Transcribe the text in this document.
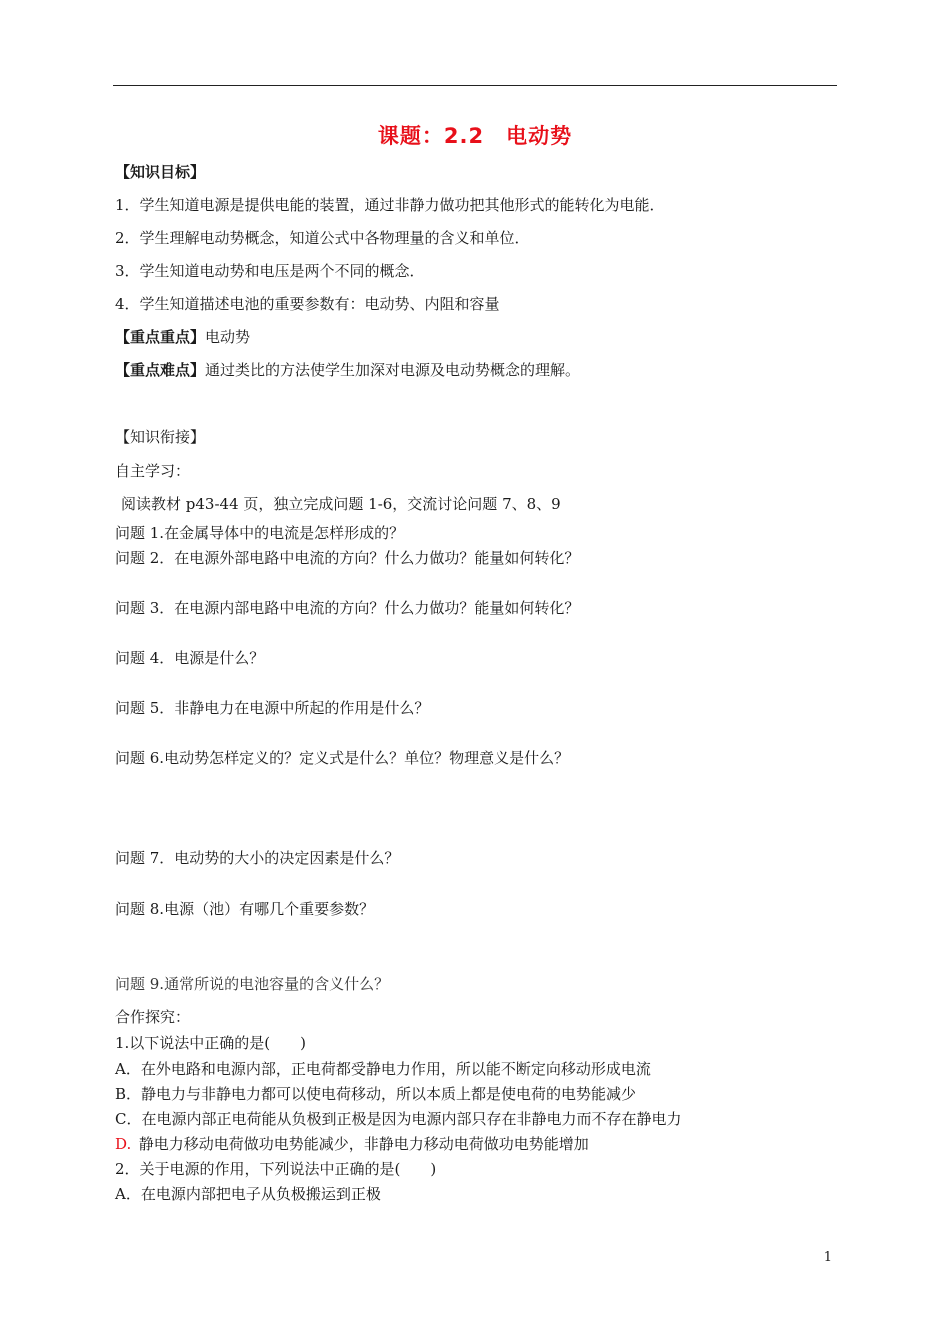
课题：2.2　电动势
【知识目标】
1．学生知道电源是提供电能的装置，通过非静力做功把其他形式的能转化为电能．
2．学生理解电动势概念，知道公式中各物理量的含义和单位．
3．学生知道电动势和电压是两个不同的概念．
4．学生知道描述电池的重要参数有：电动势、内阻和容量
【重点重点】电动势
【重点难点】通过类比的方法使学生加深对电源及电动势概念的理解。
【知识衔接】
自主学习：
阅读教材 p43-44 页，独立完成问题 1-6，交流讨论问题 7、8、9
问题 1.在金属导体中的电流是怎样形成的？
问题 2．在电源外部电路中电流的方向？什么力做功？能量如何转化？
问题 3．在电源内部电路中电流的方向？什么力做功？能量如何转化？
问题 4．电源是什么？
问题 5．非静电力在电源中所起的作用是什么？
问题 6.电动势怎样定义的？定义式是什么？单位？物理意义是什么？
问题 7．电动势的大小的决定因素是什么？
问题 8.电源（池）有哪几个重要参数？
问题 9.通常所说的电池容量的含义什么？
合作探究：
1.以下说法中正确的是(　　)
A．在外电路和电源内部，正电荷都受静电力作用，所以能不断定向移动形成电流
B．静电力与非静电力都可以使电荷移动，所以本质上都是使电荷的电势能减少
C．在电源内部正电荷能从负极到正极是因为电源内部只存在非静电力而不存在静电力
D.  静电力移动电荷做功电势能减少，非静电力移动电荷做功电势能增加
2．关于电源的作用，下列说法中正确的是(　　)
A．在电源内部把电子从负极搬运到正极
1
